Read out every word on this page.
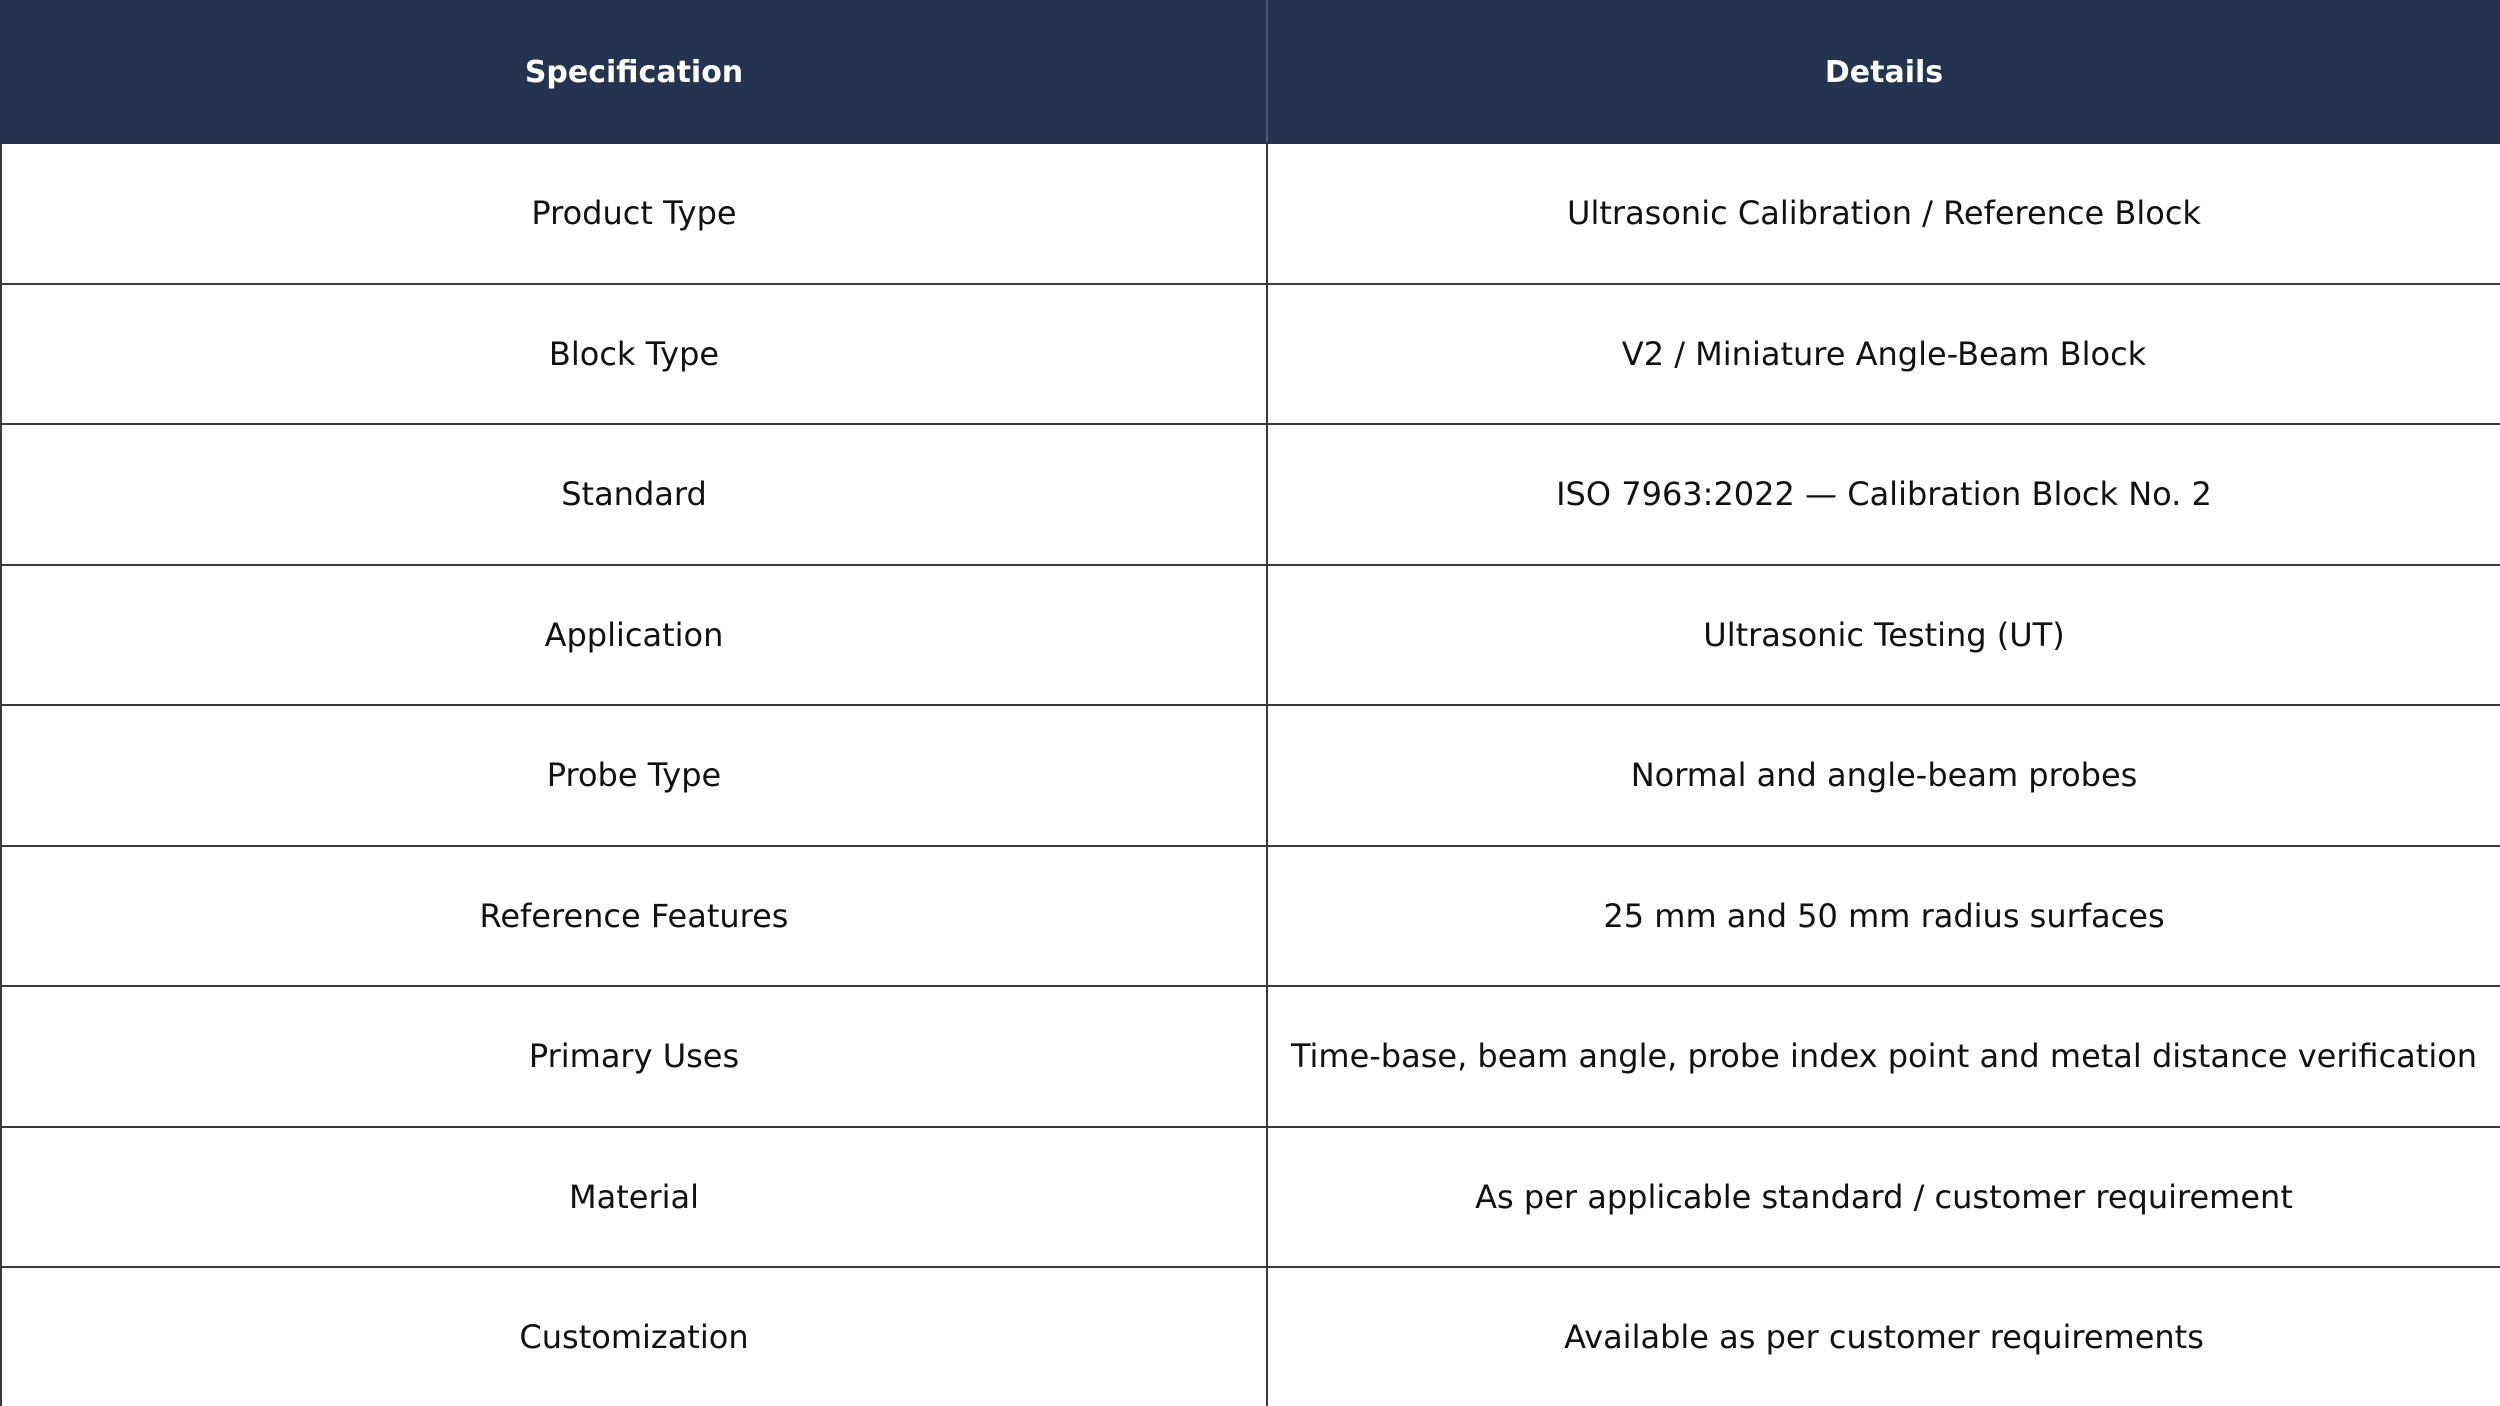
Specification	Details
Product Type	Ultrasonic Calibration / Reference Block
Block Type	V2 / Miniature Angle-Beam Block
Standard	ISO 7963:2022 — Calibration Block No. 2
Application	Ultrasonic Testing (UT)
Probe Type	Normal and angle-beam probes
Reference Features	25 mm and 50 mm radius surfaces
Primary Uses	Time-base, beam angle, probe index point and metal distance verification
Material	As per applicable standard / customer requirement
Customization	Available as per customer requirements
